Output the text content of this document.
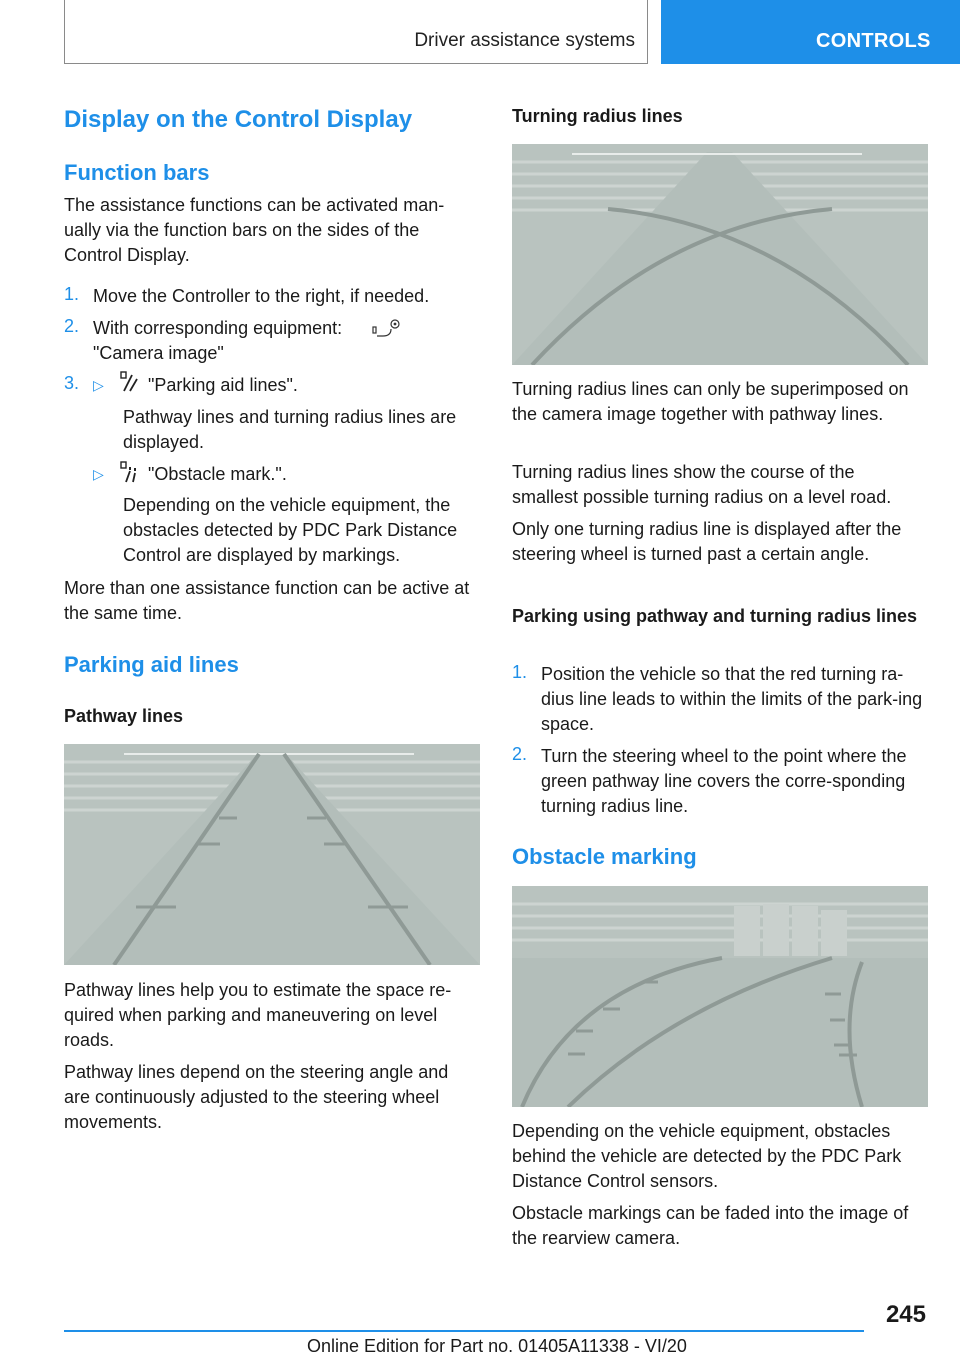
Driver assistance systems	CONTROLS
Display on the Control Display
Function bars
The assistance functions can be activated man-ually via the function bars on the sides of the Control Display.
1. Move the Controller to the right, if needed.
2. With corresponding equipment:
"Camera image"
3. ▷ "Parking aid lines".
Pathway lines and turning radius lines are displayed.
▷ "Obstacle mark.".
Depending on the vehicle equipment, the obstacles detected by PDC Park Distance Control are displayed by markings.
More than one assistance function can be active at the same time.
Parking aid lines
Pathway lines
Pathway lines help you to estimate the space re-quired when parking and maneuvering on level roads.
Pathway lines depend on the steering angle and are continuously adjusted to the steering wheel movements.
Turning radius lines
Turning radius lines can only be superimposed on the camera image together with pathway lines.
Turning radius lines show the course of the smallest possible turning radius on a level road.
Only one turning radius line is displayed after the steering wheel is turned past a certain angle.
Parking using pathway and turning radius lines
1. Position the vehicle so that the red turning ra-dius line leads to within the limits of the park-ing space.
2. Turn the steering wheel to the point where the green pathway line covers the corre-sponding turning radius line.
Obstacle marking
Depending on the vehicle equipment, obstacles behind the vehicle are detected by the PDC Park Distance Control sensors.
Obstacle markings can be faded into the image of the rearview camera.
245
Online Edition for Part no. 01405A11338 - VI/20
